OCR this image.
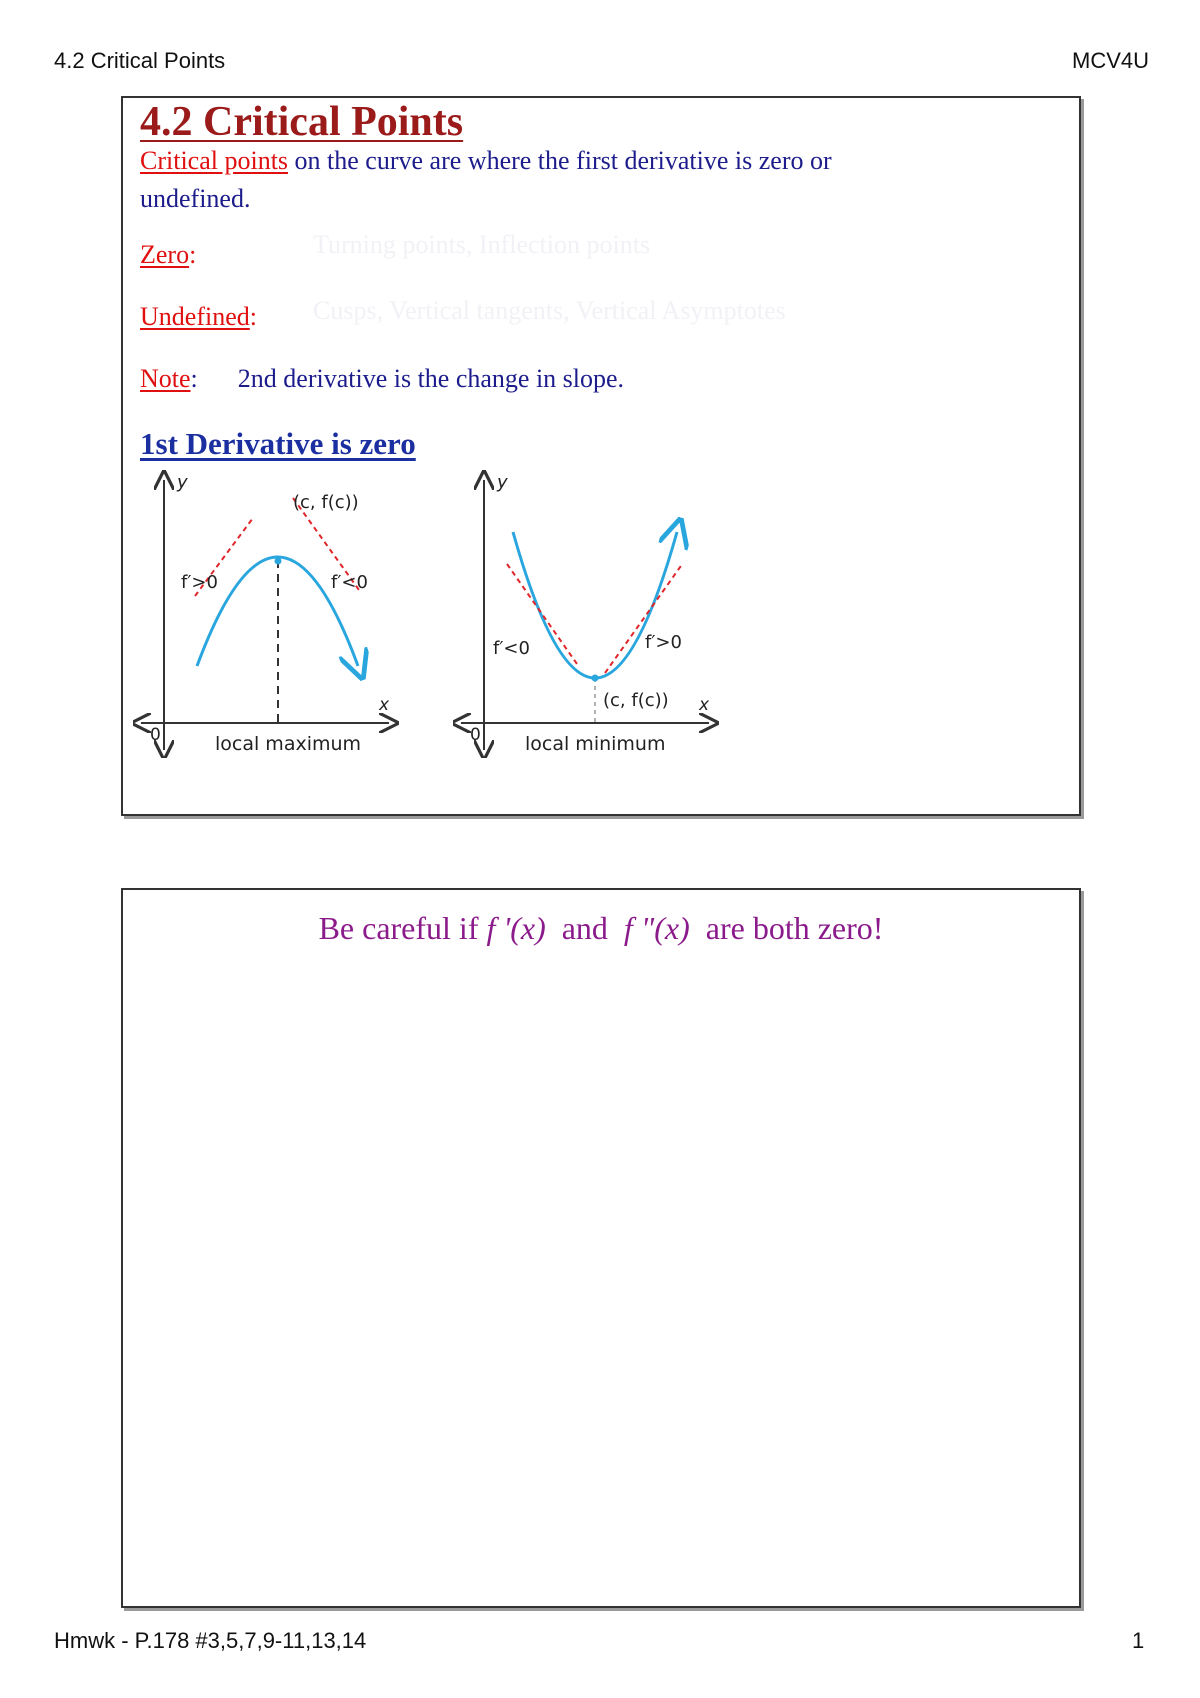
4.2 Critical Points	MCV4U
4.2 Critical Points
Critical points on the curve are where the first derivative is zero or
undefined.
Zero:	Turning points, Inflection points
Undefined: Cusps, Vertical tangents, Vertical Asymptotes
Note: 2nd derivative is the change in slope.
1st Derivative is zero
y
x
0
(c, f(c))
f′>0	f′<0
local maximum
y
x
0
(c, f(c))
f′<0	f′>0
local minimum
Be careful if f '(x)  and  f "(x)  are both zero!
Hmwk - P.178 #3,5,7,9-11,13,14	1
